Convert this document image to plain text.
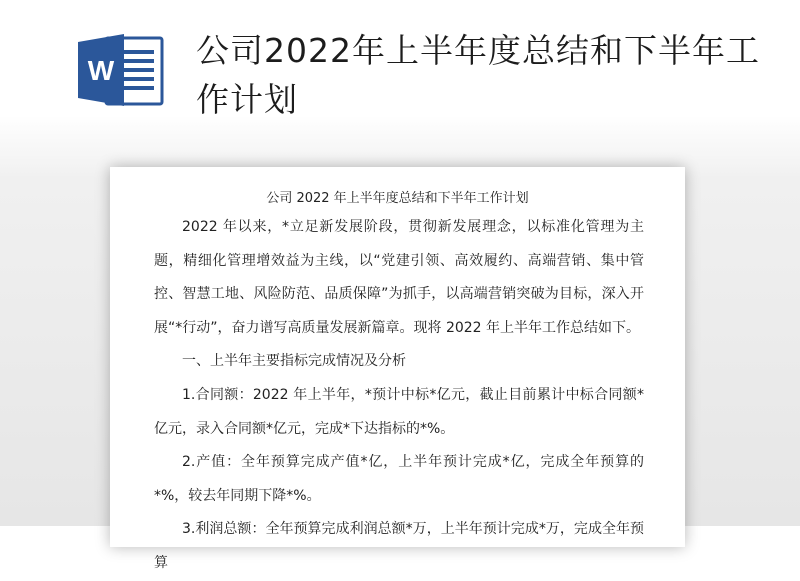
W
公司2022年上半年度总结和下半年工作计划
公司 2022 年上半年度总结和下半年工作计划

2022 年以来，*立足新发展阶段，贯彻新发展理念，以标准化管理为主题，精细化管理增效益为主线，以“党建引领、高效履约、高端营销、集中管控、智慧工地、风险防范、品质保障”为抓手，以高端营销突破为目标，深入开展“*行动”，奋力谱写高质量发展新篇章。现将 2022 年上半年工作总结如下。

一、上半年主要指标完成情况及分析

1.合同额：2022 年上半年，*预计中标*亿元，截止目前累计中标合同额*亿元，录入合同额*亿元，完成*下达指标的*%。

2.产值：全年预算完成产值*亿，上半年预计完成*亿，完成全年预算的*%，较去年同期下降*%。

3.利润总额：全年预算完成利润总额*万，上半年预计完成*万，完成全年预算
